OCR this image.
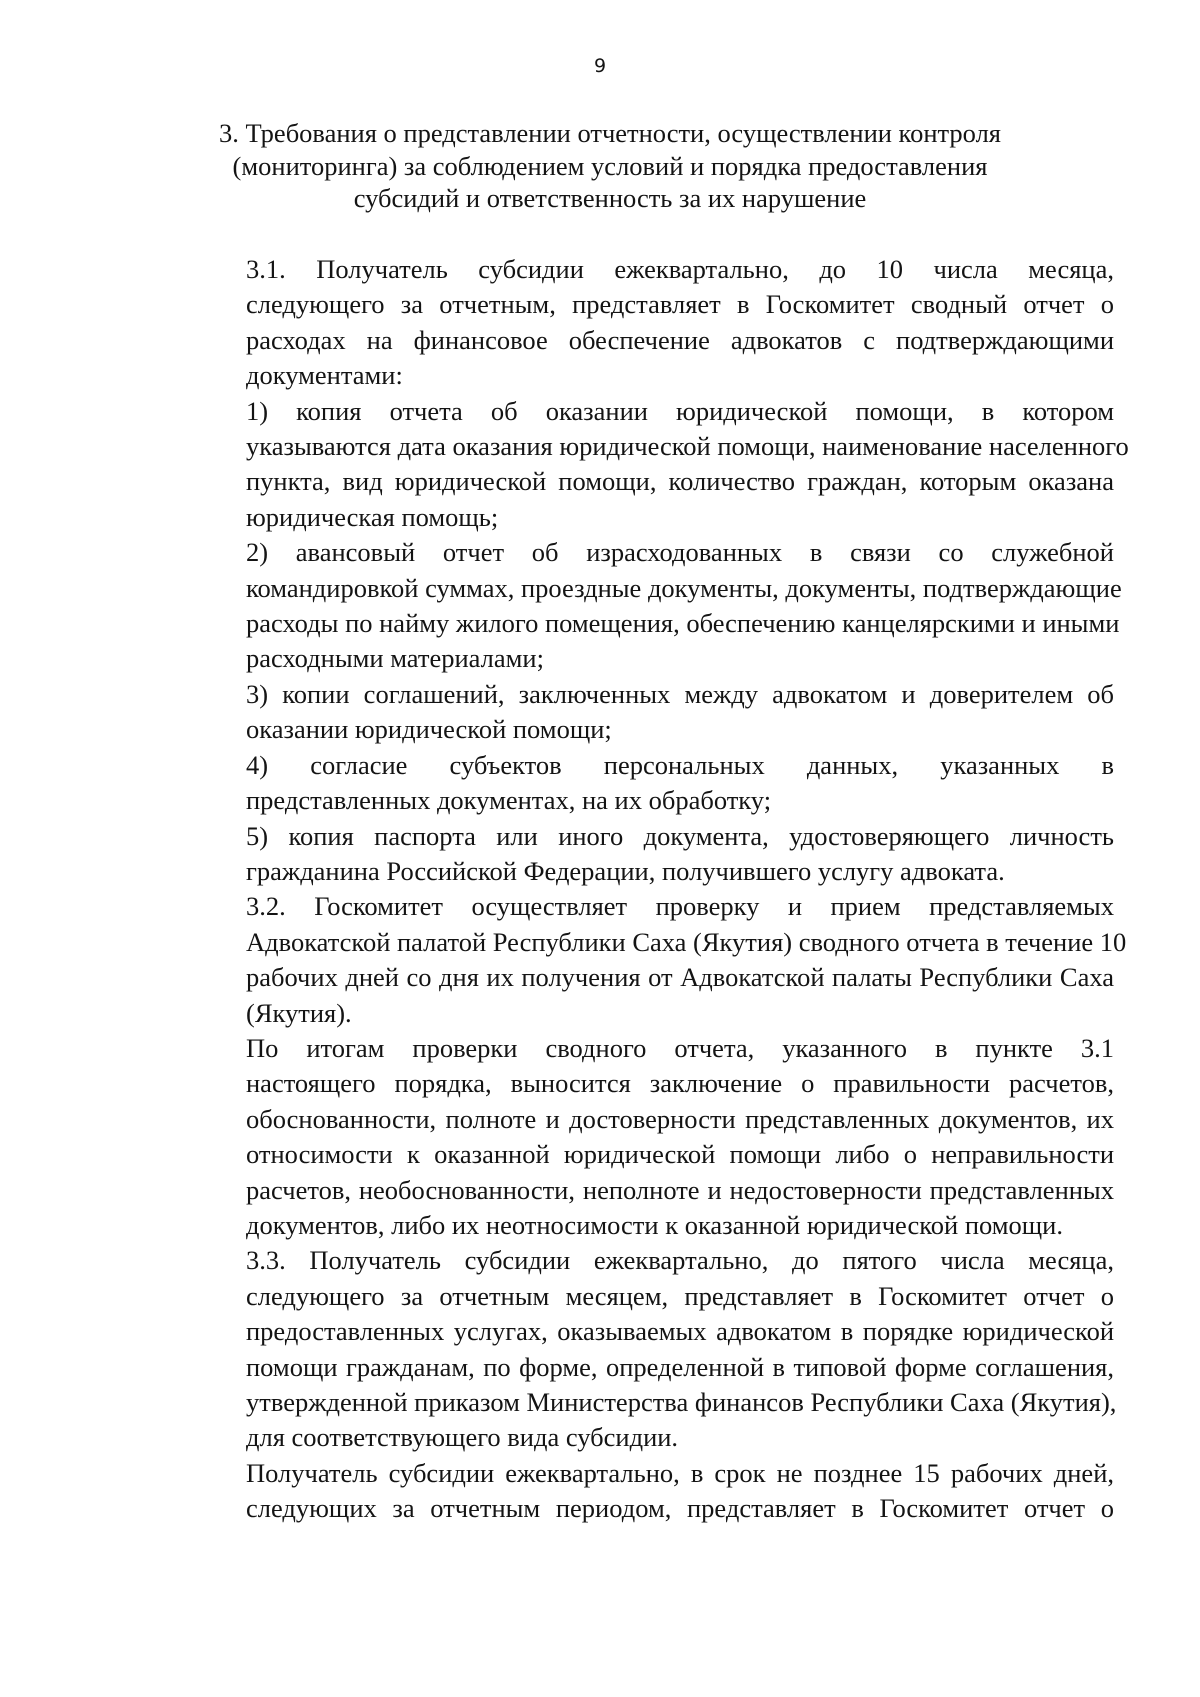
9
3. Требования о представлении отчетности, осуществлении контроля
(мониторинга) за соблюдением условий и порядка предоставления
субсидий и ответственность за их нарушение

3.1. Получатель субсидии ежеквартально, до 10 числа месяца,
следующего за отчетным, представляет в Госкомитет сводный отчет о
расходах на финансовое обеспечение адвокатов с подтверждающими
документами:

1) копия отчета об оказании юридической помощи, в котором
указываются дата оказания юридической помощи, наименование населенного
пункта, вид юридической помощи, количество граждан, которым оказана
юридическая помощь;

2) авансовый отчет об израсходованных в связи со служебной
командировкой суммах, проездные документы, документы, подтверждающие
расходы по найму жилого помещения, обеспечению канцелярскими и иными
расходными материалами;

3) копии соглашений, заключенных между адвокатом и доверителем об
оказании юридической помощи;

4) согласие субъектов персональных данных, указанных в
представленных документах, на их обработку;

5) копия паспорта или иного документа, удостоверяющего личность
гражданина Российской Федерации, получившего услугу адвоката.

3.2. Госкомитет осуществляет проверку и прием представляемых
Адвокатской палатой Республики Саха (Якутия) сводного отчета в течение 10
рабочих дней со дня их получения от Адвокатской палаты Республики Саха
(Якутия).

По итогам проверки сводного отчета, указанного в пункте 3.1
настоящего порядка, выносится заключение о правильности расчетов,
обоснованности, полноте и достоверности представленных документов, их
относимости к оказанной юридической помощи либо о неправильности
расчетов, необоснованности, неполноте и недостоверности представленных
документов, либо их неотносимости к оказанной юридической помощи.

3.3. Получатель субсидии ежеквартально, до пятого числа месяца,
следующего за отчетным месяцем, представляет в Госкомитет отчет о
предоставленных услугах, оказываемых адвокатом в порядке юридической
помощи гражданам, по форме, определенной в типовой форме соглашения,
утвержденной приказом Министерства финансов Республики Саха (Якутия),
для соответствующего вида субсидии.

Получатель субсидии ежеквартально, в срок не позднее 15 рабочих дней,
следующих за отчетным периодом, представляет в Госкомитет отчет о
